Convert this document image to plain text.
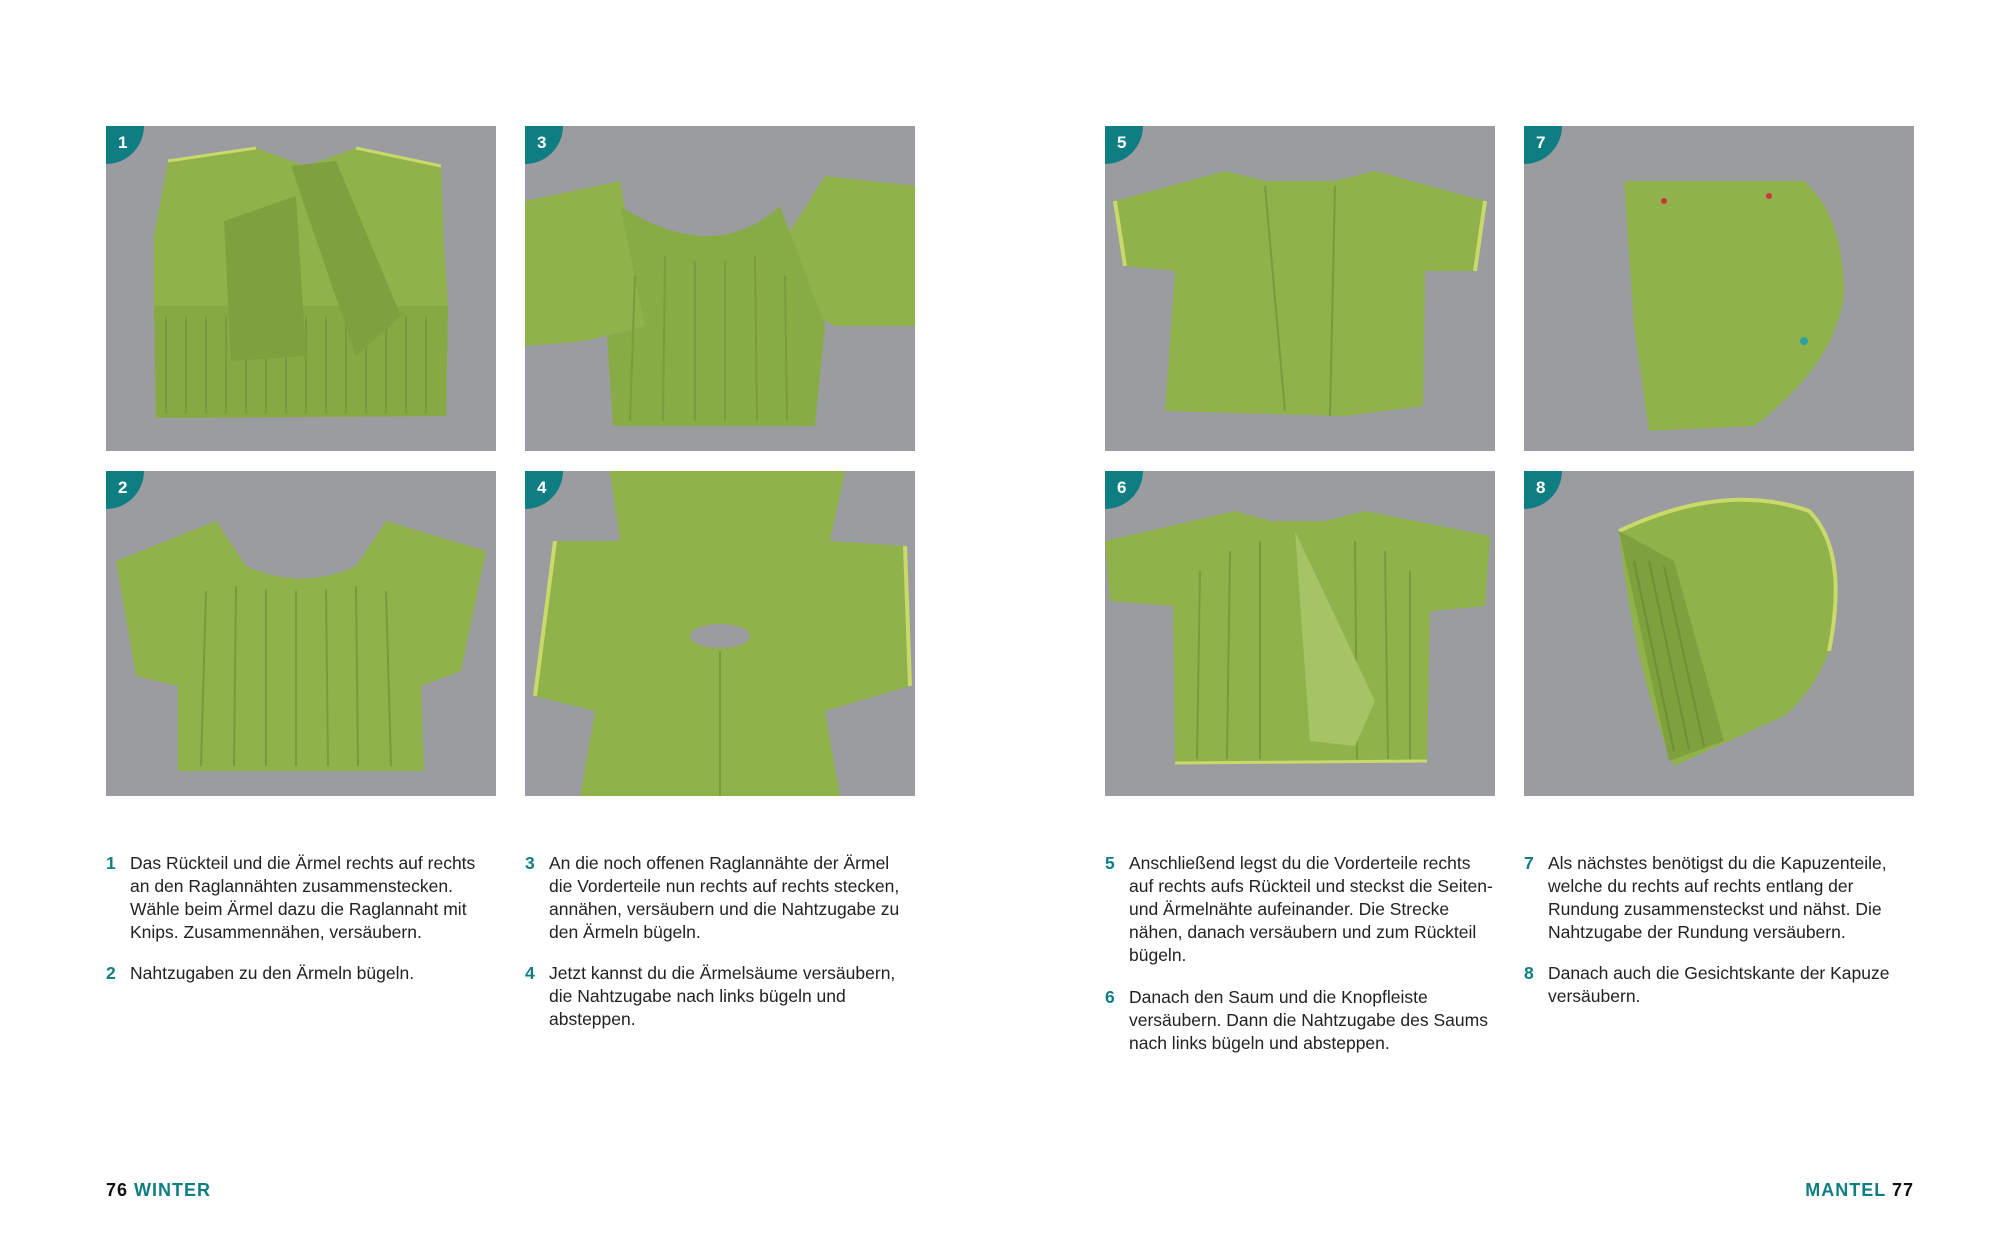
1
2
3
4
5
6
7
8
1 Das Rückteil und die Ärmel rechts auf rechts an den Raglannähten zusammenstecken. Wähle beim Ärmel dazu die Raglannaht mit Knips. Zusammennähen, versäubern.
2 Nahtzugaben zu den Ärmeln bügeln.
3 An die noch offenen Raglannähte der Ärmel die Vorderteile nun rechts auf rechts stecken, annähen, versäubern und die Nahtzugabe zu den Ärmeln bügeln.
4 Jetzt kannst du die Ärmelsäume versäubern, die Nahtzugabe nach links bügeln und absteppen.
5 Anschließend legst du die Vorderteile rechts auf rechts aufs Rückteil und steckst die Seiten- und Ärmelnähte aufeinander. Die Strecke nähen, danach versäubern und zum Rückteil bügeln.
6 Danach den Saum und die Knopfleiste versäubern. Dann die Nahtzugabe des Saums nach links bügeln und absteppen.
7 Als nächstes benötigst du die Kapuzenteile, welche du rechts auf rechts entlang der Rundung zusammensteckst und nähst. Die Nahtzugabe der Rundung versäubern.
8 Danach auch die Gesichtskante der Kapuze versäubern.
76 WINTER	MANTEL 77
